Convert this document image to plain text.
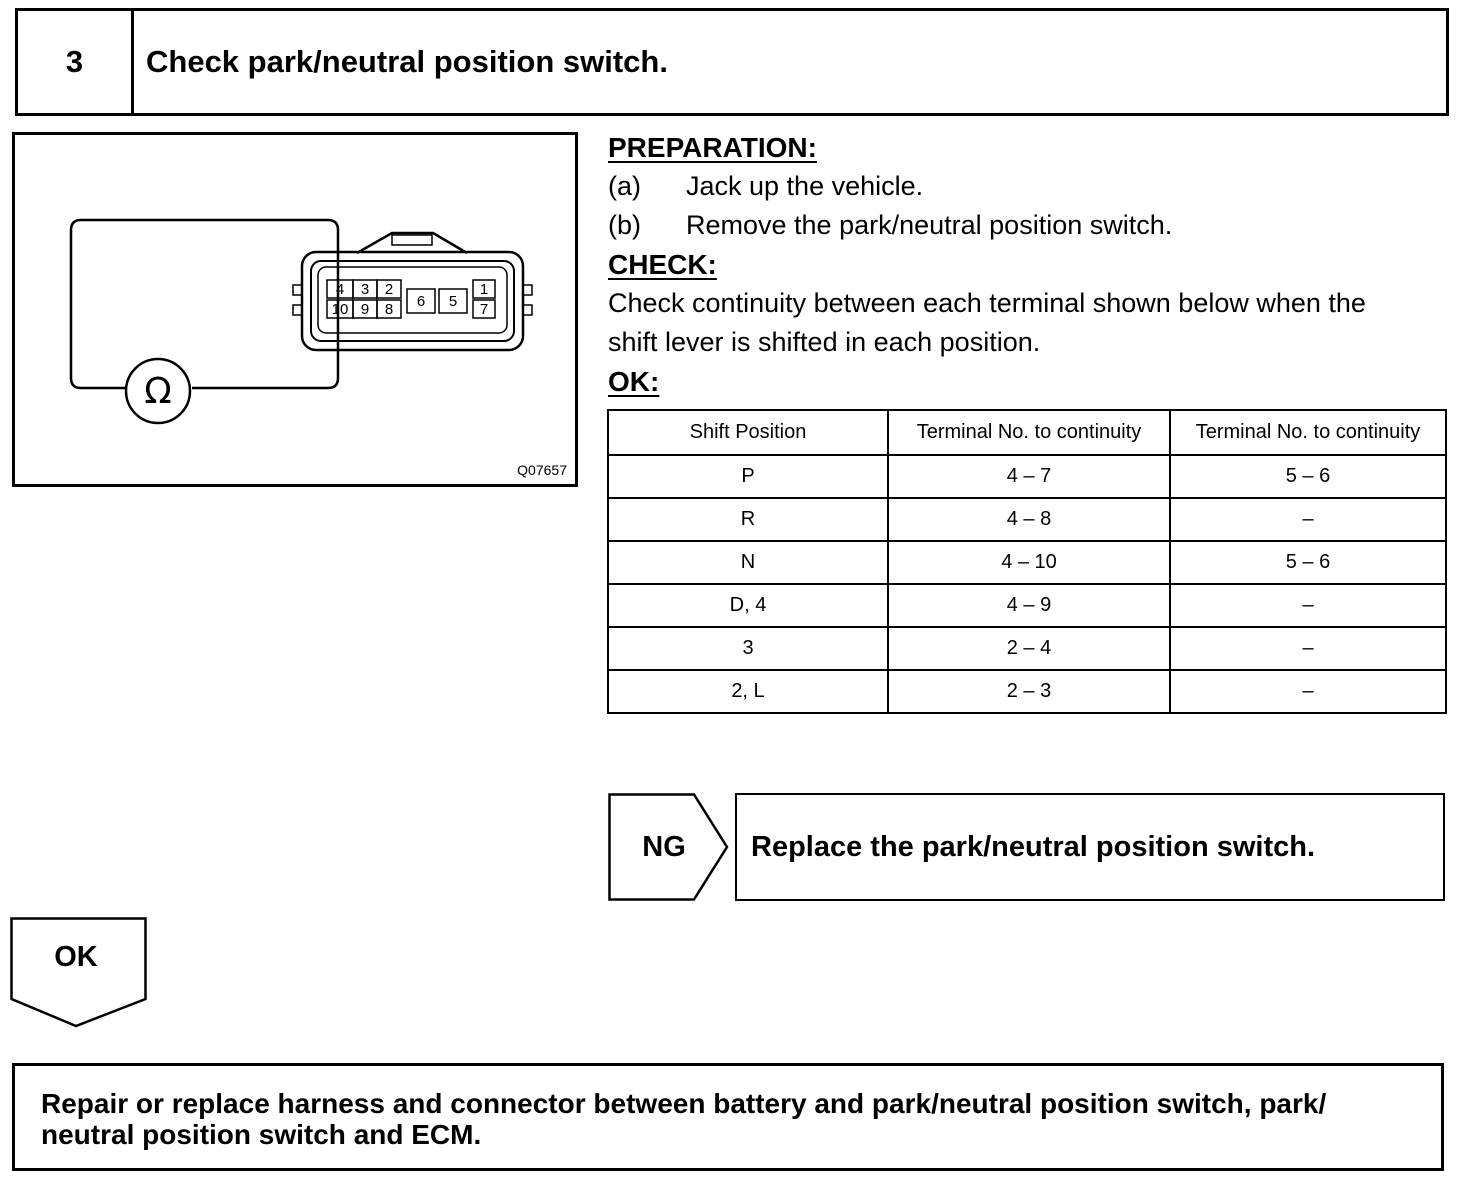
3	Check park/neutral position switch.
Ω
4 3 2
10 9 8 6 5
1
7
Q07657
PREPARATION:
(a)	Jack up the vehicle.
(b)	Remove the park/neutral position switch.
CHECK:
Check continuity between each terminal shown below when the
shift lever is shifted in each position.
OK:
Shift Position	Terminal No. to continuity	Terminal No. to continuity
P	4 – 7	5 – 6
R	4 – 8	–
N	4 – 10	5 – 6
D, 4	4 – 9	–
3	2 – 4	–
2, L	2 – 3	–
NG	Replace the park/neutral position switch.
OK
Repair or replace harness and connector between battery and park/neutral position switch, park/
neutral position switch and ECM.
